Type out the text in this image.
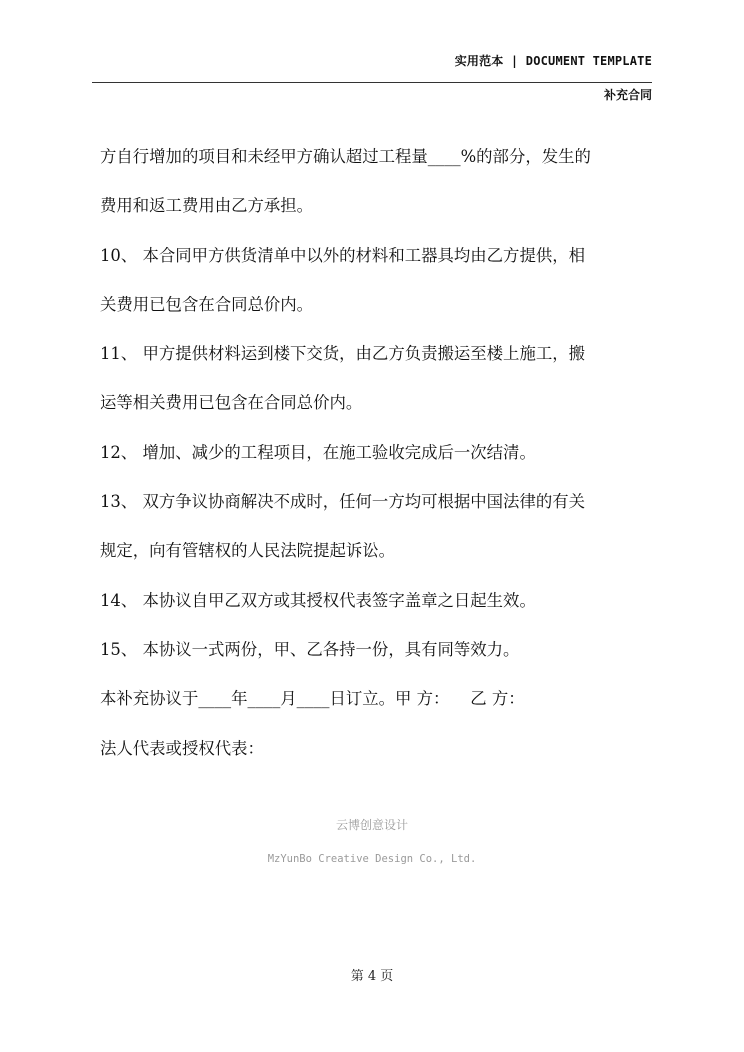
实用范本 | DOCUMENT TEMPLATE
补充合同
方自行增加的项目和未经甲方确认超过工程量____%的部分，发生的
费用和返工费用由乙方承担。
10、 本合同甲方供货清单中以外的材料和工器具均由乙方提供，相
关费用已包含在合同总价内。
11、 甲方提供材料运到楼下交货，由乙方负责搬运至楼上施工，搬
运等相关费用已包含在合同总价内。
12、 增加、减少的工程项目，在施工验收完成后一次结清。
13、 双方争议协商解决不成时，任何一方均可根据中国法律的有关
规定，向有管辖权的人民法院提起诉讼。
14、 本协议自甲乙双方或其授权代表签字盖章之日起生效。
15、 本协议一式两份，甲、乙各持一份，具有同等效力。
本补充协议于____年____月____日订立。甲 方：    乙 方：
法人代表或授权代表：
云博创意设计
MzYunBo Creative Design Co., Ltd.
第 4 页
